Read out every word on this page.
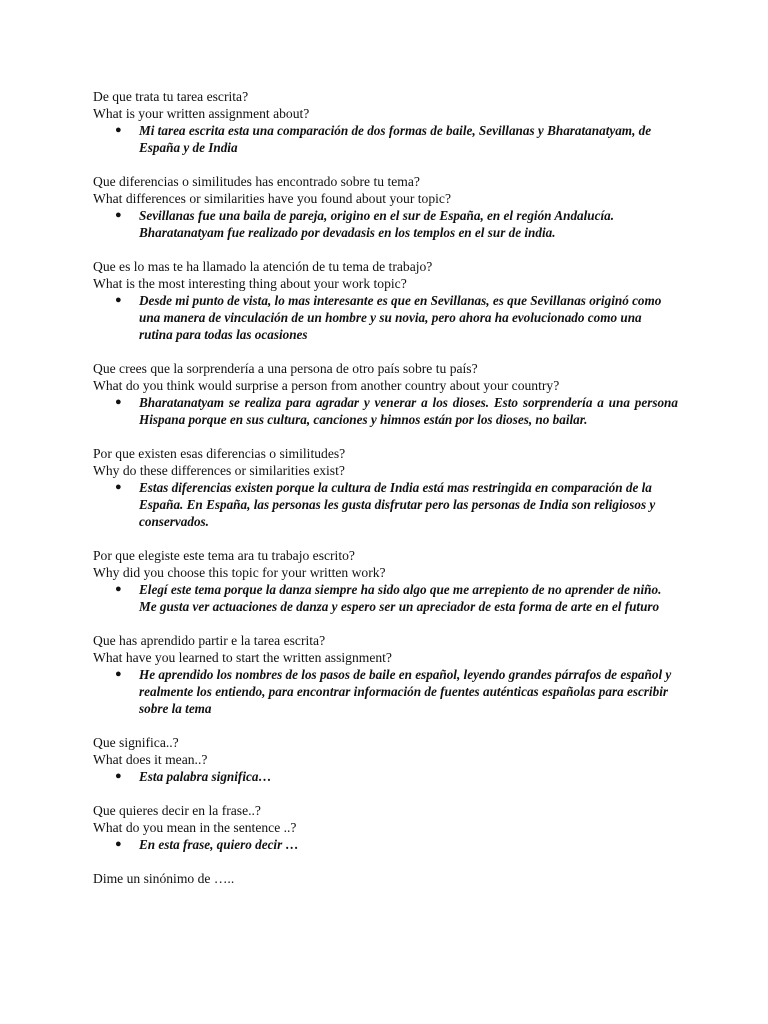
De que trata tu tarea escrita?

What is your written assignment about?

● Mi tarea escrita esta una comparación de dos formas de baile, Sevillanas y Bharatanatyam, de España y de India

Que diferencias o similitudes has encontrado sobre tu tema?

What differences or similarities have you found about your topic?

● Sevillanas fue una baila de pareja, origino en el sur de España, en el región Andalucía. Bharatanatyam fue realizado por devadasis en los templos en el sur de india.

Que es lo mas te ha llamado la atención de tu tema de trabajo?

What is the most interesting thing about your work topic?

● Desde mi punto de vista, lo mas interesante es que en Sevillanas, es que Sevillanas originó como una manera de vinculación de un hombre y su novia, pero ahora ha evolucionado como una rutina para todas las ocasiones

Que crees que la sorprendería a una persona de otro país sobre tu país?

What do you think would surprise a person from another country about your country?

● Bharatanatyam se realiza para agradar y venerar a los dioses. Esto sorprendería a una persona Hispana porque en sus cultura, canciones y himnos están por los dioses, no bailar.

Por que existen esas diferencias o similitudes?

Why do these differences or similarities exist?

● Estas diferencias existen porque la cultura de India está mas restringida en comparación de la España. En España, las personas les gusta disfrutar pero las personas de India son religiosos y conservados.

Por que elegiste este tema ara tu trabajo escrito?

Why did you choose this topic for your written work?

● Elegí este tema porque la danza siempre ha sido algo que me arrepiento de no aprender de niño. Me gusta ver actuaciones de danza y espero ser un apreciador de esta forma de arte en el futuro

Que has aprendido partir e la tarea escrita?

What have you learned to start the written assignment?

● He aprendido los nombres de los pasos de baile en español, leyendo grandes párrafos de español y realmente los entiendo, para encontrar información de fuentes auténticas españolas para escribir sobre la tema

Que significa..?

What does it mean..?

● Esta palabra significa…

Que quieres decir en la frase..?

What do you mean in the sentence ..?

● En esta frase, quiero decir …

Dime un sinónimo de …..
